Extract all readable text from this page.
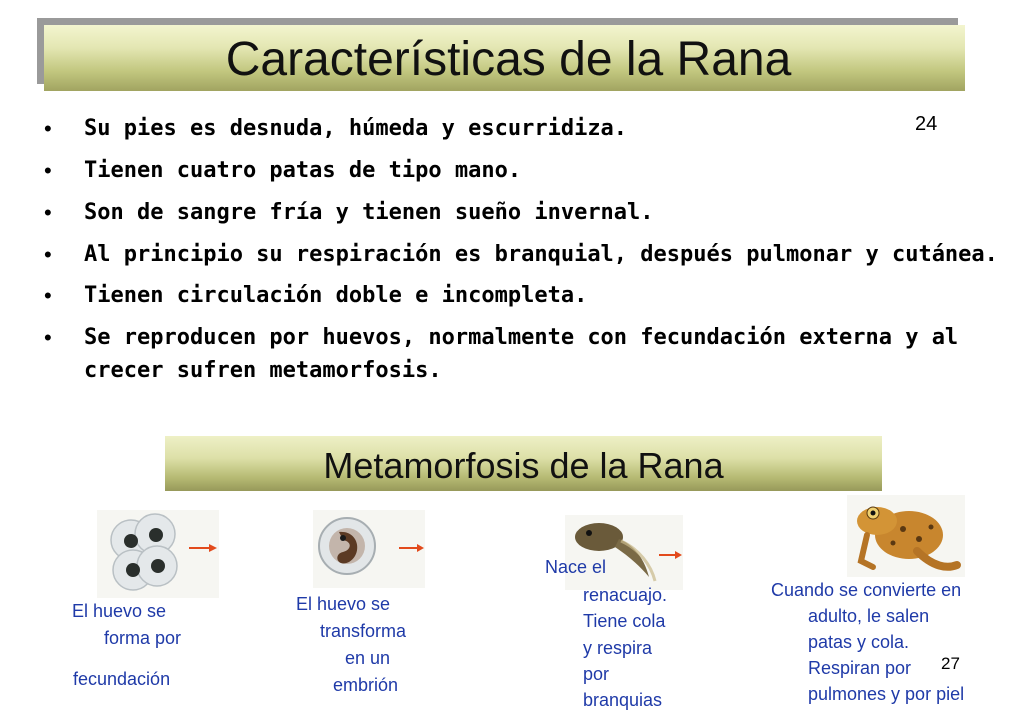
Características de la Rana
24
• Su pies es desnuda, húmeda y escurridiza.
• Tienen cuatro patas de tipo mano.
• Son de sangre fría y tienen sueño invernal.
• Al principio su respiración es branquial, después pulmonar y cutánea.
• Tienen circulación doble e incompleta.
• Se reproducen por huevos, normalmente con fecundación externa y al crecer sufren metamorfosis.
Metamorfosis de la Rana

El huevo se

forma por

fecundación

El huevo se

transforma

en un

embrión

Nace el

renacuajo.

Tiene cola

y respira

por

branquias

Cuando se convierte en

adulto, le salen

patas y cola.

Respiran por

pulmones y por piel

27
